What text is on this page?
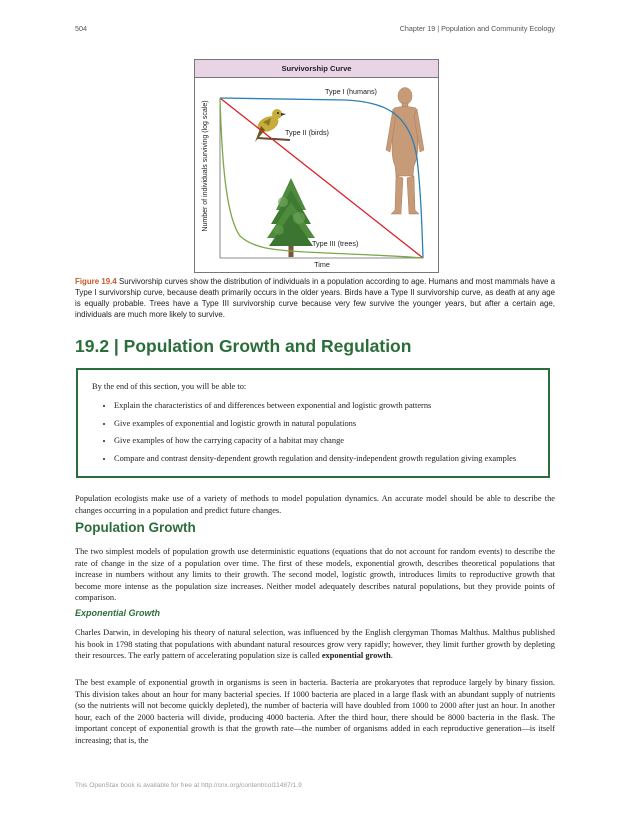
504	Chapter 19 | Population and Community Ecology
Survivorship Curve
Number of individuals surviving (log scale)
Time
Type I (humans)
Type II (birds)
Type III (trees)
Figure 19.4 Survivorship curves show the distribution of individuals in a population according to age. Humans and most mammals have a Type I survivorship curve, because death primarily occurs in the older years. Birds have a Type II survivorship curve, as death at any age is equally probable. Trees have a Type III survivorship curve because very few survive the younger years, but after a certain age, individuals are much more likely to survive.
19.2 | Population Growth and Regulation
By the end of this section, you will be able to:
• Explain the characteristics of and differences between exponential and logistic growth patterns
• Give examples of exponential and logistic growth in natural populations
• Give examples of how the carrying capacity of a habitat may change
• Compare and contrast density-dependent growth regulation and density-independent growth regulation giving examples
Population ecologists make use of a variety of methods to model population dynamics. An accurate model should be able to describe the changes occurring in a population and predict future changes.
Population Growth
The two simplest models of population growth use deterministic equations (equations that do not account for random events) to describe the rate of change in the size of a population over time. The first of these models, exponential growth, describes theoretical populations that increase in numbers without any limits to their growth. The second model, logistic growth, introduces limits to reproductive growth that become more intense as the population size increases. Neither model adequately describes natural populations, but they provide points of comparison.
Exponential Growth
Charles Darwin, in developing his theory of natural selection, was influenced by the English clergyman Thomas Malthus. Malthus published his book in 1798 stating that populations with abundant natural resources grow very rapidly; however, they limit further growth by depleting their resources. The early pattern of accelerating population size is called exponential growth.
The best example of exponential growth in organisms is seen in bacteria. Bacteria are prokaryotes that reproduce largely by binary fission. This division takes about an hour for many bacterial species. If 1000 bacteria are placed in a large flask with an abundant supply of nutrients (so the nutrients will not become quickly depleted), the number of bacteria will have doubled from 1000 to 2000 after just an hour. In another hour, each of the 2000 bacteria will divide, producing 4000 bacteria. After the third hour, there should be 8000 bacteria in the flask. The important concept of exponential growth is that the growth rate—the number of organisms added in each reproductive generation—is itself increasing; that is, the
This OpenStax book is available for free at http://cnx.org/content/col11487/1.9
